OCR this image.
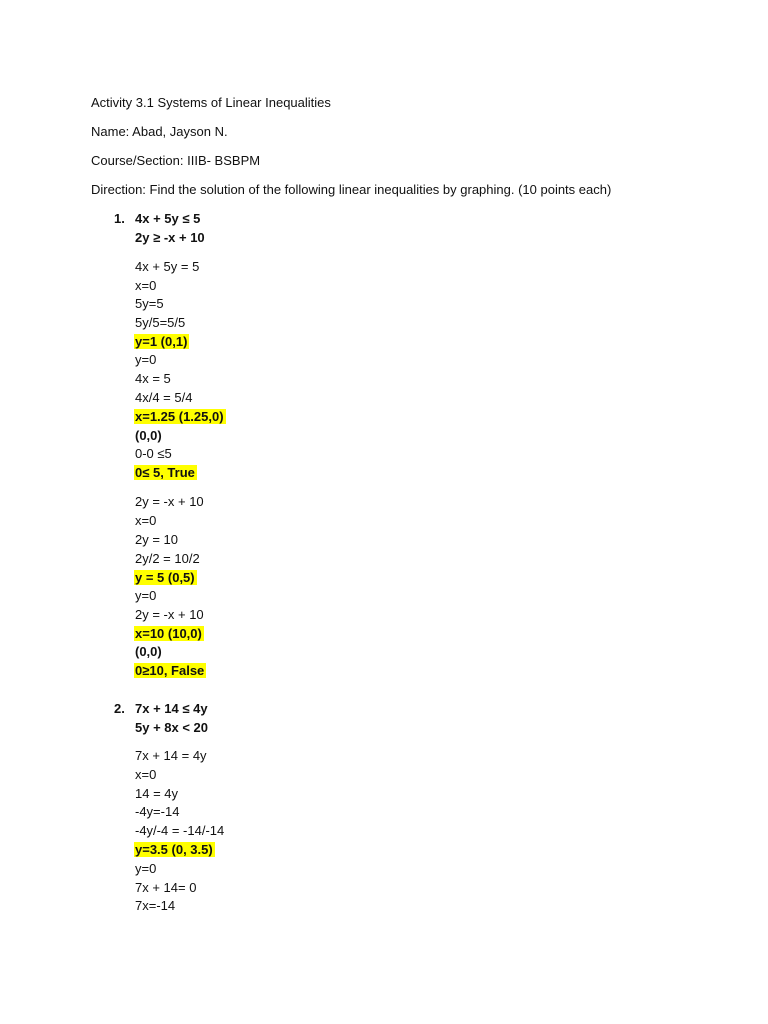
Activity 3.1 Systems of Linear Inequalities
Name: Abad, Jayson N.
Course/Section: IIIB- BSBPM
Direction: Find the solution of the following linear inequalities by graphing. (10 points each)
1. 4x + 5y ≤ 5
2y ≥ -x + 10
4x + 5y = 5
x=0
5y=5
5y/5=5/5
y=1 (0,1)
y=0
4x = 5
4x/4 = 5/4
x=1.25 (1.25,0)
(0,0)
0-0 ≤5
0≤ 5, True
2y = -x + 10
x=0
2y = 10
2y/2 = 10/2
y = 5 (0,5)
y=0
2y = -x + 10
x=10 (10,0)
(0,0)
0≥10, False
2. 7x + 14 ≤ 4y
5y + 8x < 20
7x + 14 = 4y
x=0
14 = 4y
-4y=-14
-4y/-4 = -14/-14
y=3.5 (0, 3.5)
y=0
7x + 14= 0
7x=-14
